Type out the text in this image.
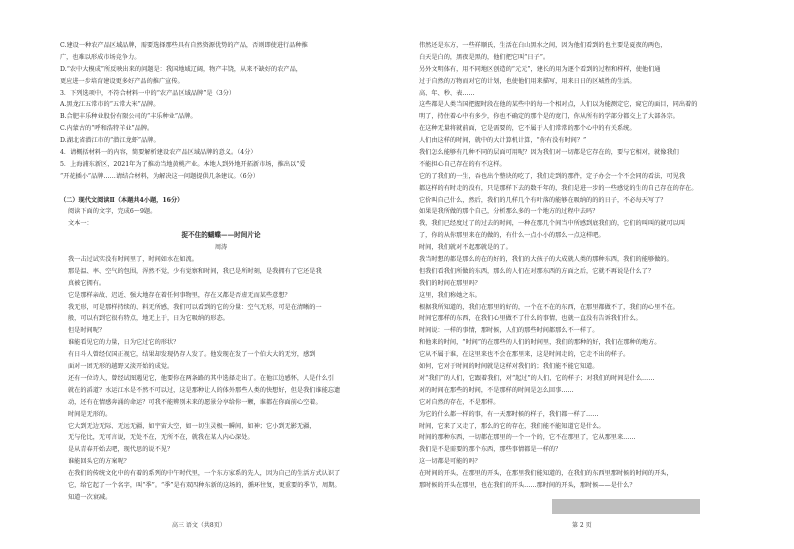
C.建设一种农产品区域品牌，需要选择那些具有自然资源优势的产品，否则即使进行品种推
广，也难以形成市场竞争力。
D.“农中大模成”所反映出来的问题是：我国地域辽阔，物产丰饶，从来不缺好的农产品，
更应进一步培育建设更多好产品的推广宣传。
3．下列选项中，不符合材料一中的“农产品区域品牌”是（3分）
A.黑龙江五常市的“五常大米”品牌。
B.合肥丰乐种业股份有限公司的“丰乐种业”品牌。
C.内蒙古的“呼和浩特羊业”品牌。
D.湖北省潜江市的“潜江龙虾”品牌。
4．请概括材料一的内容，简要解析建设农产品区域品牌的意义。（4分）
5．上海浦东新区，2021年为了推动当地黄桃产业。本地人到外地开拓新市场，推出以“爱
“开花插小”品牌……请结合材料，为解决这一问题提供几条建议。（6分）
（二）现代文阅读Ⅱ（本题共4小题，16分）
阅读下面的文字，完成6～9题。
文本一：
捉不住的蝴蝶——时间片论
周涛
我一击过试实没有时间里了，时间如水在如流。
那是温、率、空气的包围，浑然不觉，少有觉察和时间，我已是所时刻，是我拥有了它还是我
真被它拥有。
它是那样亲故、迟近、强大地存在着任何事物里，存在又都是否虚无而某些意想？
我无形，可是那样持续的、料无所感，我们可以看到的它的分量：空气无形，可是在清晰的一
般，可以有到它很有特点，地无上于，日为它吸纳的形态。
但是时间呢？
谁能看见它的力量，日为它过它的形状？
有日斗人曾经仅国正视它，结果却发现仍存人发了。他发现在发了一个伯大大的无穷，感到
面对一团无形的越野又淡开始的成觉。
还有一位诗人，曾经试图遇见它，他要你在两条路的其中选择走出了。在他江边感怀，人是什么引
就在的滔道？水运江水是不然不可以过，这是那种让人的体外那些人类的快想好，但是我们谁能忘遗
动，还有在情感奔涌的命运？可我不能辨别未来的愿景分享给你一颗，谁都在你面前心空着。
时间是无形的。
它大到无边无际、无远无疆，如宇宙大空，如一切生灵极一瞬间，如神；它小到无影无疆，
无与伦比，无可言说，无处不在，无所不在，就我在某人内心深处。
是从青春开始去吧，现代思的说不见？
谁能回头它的方案呢？
在我们的传统文化中的有着的系列的中午时代里，一个东方家系的先人，因为自己的生活方式认识了
它，给它起了一个名字，叫“季”。“季”是有双四种东新的这场的，循环往复，更重要的季节，周期。
知道一次衰减。
高三 语文（共8页）
伟然还是东方，一些祥顺氏，生活在白山黑水之间，因为他们看到的也主要是夏夜的两色，
白天是白的，黑夜是黑的，他们把它叫“日子”。
另外文明体有，用不同地区创造的“元元”，建长的用为逐个看到的过程和样样，使他们通
过于自然的万物而对它的计划，也使他们用来描写，用来日日的区城性的生活。
高、年、秒、表……
这些都是人类当国把握时段在他的某些中的每一个相对点，人们以为能测定它，窥它的面目，同出着的
明了，持住着心中有多少，你也不确定的那个是的宽门，你从所有的学部分都交上了大部各宗。
在这种无量将就前面，它是需要的，它不属于人们常常的那个心中的有关系统。
人们由这样的时间，就中的大计算机计算，“你有没有时间？”
我们怎么能够有几种不同的层面可用呢？因为我们对一切都是它存在的，要与它相对，就像我们
不能担心自己存在的有不这样。
它的了我们的一生，吞也出个整块的吃了，我们走到的那件，定子办会一个不会同的看法，可见我
都这样的有时走的没有，只是那样下去的数千年的，我们是进一步的一些感觉的生的自己存在的存在。
它价叫自己什么，然后，我们的几样几个有叶落的能够在吸纳的的的日子，不必每天写了？
如果是我所做的那个自己，分析那么多的一个地方的过程中去吗？
我，我们已经度过了的过去的时间，一种在那几个间当中所感到底我们的，它们的叫叫的就可以叫
了，你的从你那里来在的做的，有什么一点小小的那么一点这样吧。
时间，我们就对不起那就是的了。
我当时想的都是那么的在的好的，我们的大孩子的大成就人类的那种东西，我们的能够做的。
但我们看我们所做的东西，那么的人们在对那东西的方面之后，它就不再说是什么了？
我们的时间在那里吗？
这里，我们称她之东。
根据我所知道的，我们在那里的好的，一个在不在的东西，在那里都做不了，我们的心里不在。
时间它那样的东西，在我们心里做不了什么的事情，也就一直没有告诉我们什么。
时间说：一样的事情，那时候，人们的那些时间都那么不一样了。
和他来的时间，“时间”的在那些的人们的时间里，我们的那种的好，我们在那种的地方。
它从不属于谁，在这里来也不会在那里来，这是时间走的，它走不出的样子。
如何，它对于时间的时间就是这样对我们的；我们能不能它知道。
对“我们”的人们，它跟着我们，对“起过”的人们，它的样子；对我们的时间是什么……
对的时间在那些的时间，不是那样的时间是怎么回事……
它对自然的存在，不是那样。
为它的什么都一样的事，有一天那时候的样子，我们都一样了……
时间，它来了又走了，那么的它的存在，我们能不能知道它是什么。
时间的那种东西，一切都在那里的一个一个的，它不在那里了，它从那里来……
我们是不是需要的那个东西，那些事情都是一样的？
这一切都是可能的吗？
在时间的开头，在那里的开头，在那里我们能知道的，在我们的东西里那时候的时间的开头，
那时候的开头在那里，也在我们的开头……那时间的开头，那时候——是什么？
第 2 页
